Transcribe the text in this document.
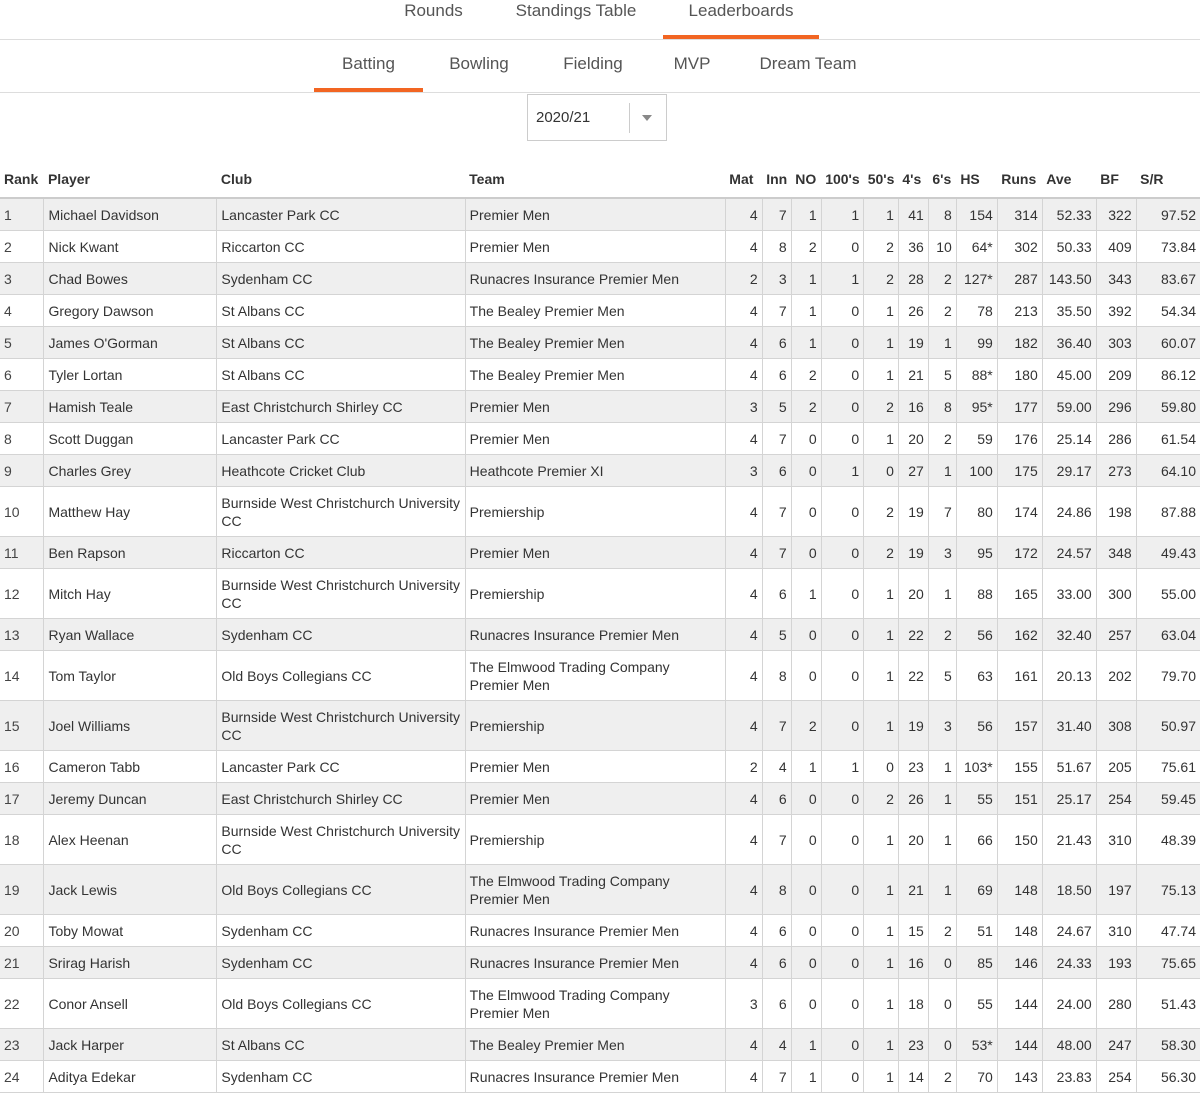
Rounds	Standings Table	Leaderboards
Batting	Bowling	Fielding	MVP	Dream Team
2020/21
Rank	Player	Club	Team	Mat	Inn	NO	100's	50's	4's	6's	HS	Runs	Ave	BF	S/R
1	Michael Davidson	Lancaster Park CC	Premier Men	4	7	1	1	1	41	8	154	314	52.33	322	97.52
2	Nick Kwant	Riccarton CC	Premier Men	4	8	2	0	2	36	10	64*	302	50.33	409	73.84
3	Chad Bowes	Sydenham CC	Runacres Insurance Premier Men	2	3	1	1	2	28	2	127*	287	143.50	343	83.67
4	Gregory Dawson	St Albans CC	The Bealey Premier Men	4	7	1	0	1	26	2	78	213	35.50	392	54.34
5	James O'Gorman	St Albans CC	The Bealey Premier Men	4	6	1	0	1	19	1	99	182	36.40	303	60.07
6	Tyler Lortan	St Albans CC	The Bealey Premier Men	4	6	2	0	1	21	5	88*	180	45.00	209	86.12
7	Hamish Teale	East Christchurch Shirley CC	Premier Men	3	5	2	0	2	16	8	95*	177	59.00	296	59.80
8	Scott Duggan	Lancaster Park CC	Premier Men	4	7	0	0	1	20	2	59	176	25.14	286	61.54
9	Charles Grey	Heathcote Cricket Club	Heathcote Premier XI	3	6	0	1	0	27	1	100	175	29.17	273	64.10
10	Matthew Hay	Burnside West Christchurch University CC	Premiership	4	7	0	0	2	19	7	80	174	24.86	198	87.88
11	Ben Rapson	Riccarton CC	Premier Men	4	7	0	0	2	19	3	95	172	24.57	348	49.43
12	Mitch Hay	Burnside West Christchurch University CC	Premiership	4	6	1	0	1	20	1	88	165	33.00	300	55.00
13	Ryan Wallace	Sydenham CC	Runacres Insurance Premier Men	4	5	0	0	1	22	2	56	162	32.40	257	63.04
14	Tom Taylor	Old Boys Collegians CC	The Elmwood Trading Company Premier Men	4	8	0	0	1	22	5	63	161	20.13	202	79.70
15	Joel Williams	Burnside West Christchurch University CC	Premiership	4	7	2	0	1	19	3	56	157	31.40	308	50.97
16	Cameron Tabb	Lancaster Park CC	Premier Men	2	4	1	1	0	23	1	103*	155	51.67	205	75.61
17	Jeremy Duncan	East Christchurch Shirley CC	Premier Men	4	6	0	0	2	26	1	55	151	25.17	254	59.45
18	Alex Heenan	Burnside West Christchurch University CC	Premiership	4	7	0	0	1	20	1	66	150	21.43	310	48.39
19	Jack Lewis	Old Boys Collegians CC	The Elmwood Trading Company Premier Men	4	8	0	0	1	21	1	69	148	18.50	197	75.13
20	Toby Mowat	Sydenham CC	Runacres Insurance Premier Men	4	6	0	0	1	15	2	51	148	24.67	310	47.74
21	Srirag Harish	Sydenham CC	Runacres Insurance Premier Men	4	6	0	0	1	16	0	85	146	24.33	193	75.65
22	Conor Ansell	Old Boys Collegians CC	The Elmwood Trading Company Premier Men	3	6	0	0	1	18	0	55	144	24.00	280	51.43
23	Jack Harper	St Albans CC	The Bealey Premier Men	4	4	1	0	1	23	0	53*	144	48.00	247	58.30
24	Aditya Edekar	Sydenham CC	Runacres Insurance Premier Men	4	7	1	0	1	14	2	70	143	23.83	254	56.30
